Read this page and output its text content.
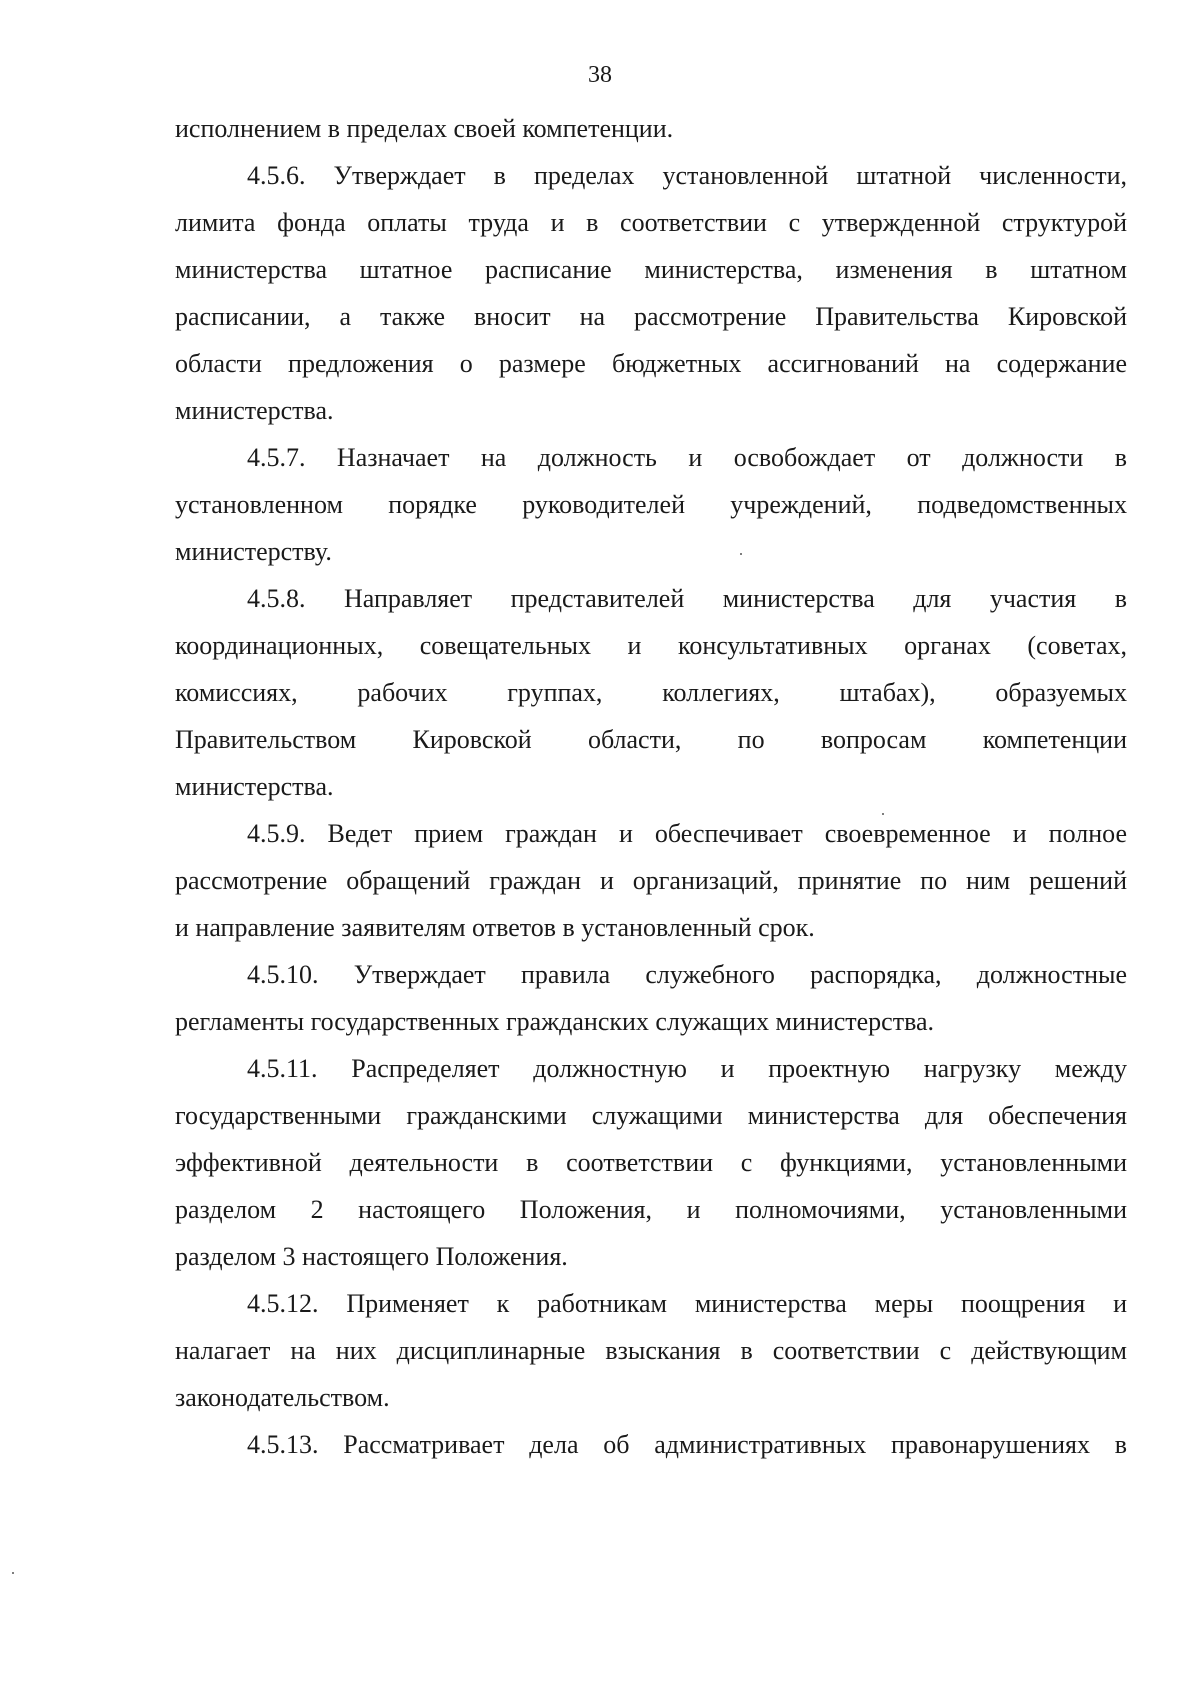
38

исполнением в пределах своей компетенции.

4.5.6. Утверждает в пределах установленной штатной численности,
лимита фонда оплаты труда и в соответствии с утвержденной структурой
министерства штатное расписание министерства, изменения в штатном
расписании, а также вносит на рассмотрение Правительства Кировской
области предложения о размере бюджетных ассигнований на содержание
министерства.

4.5.7. Назначает на должность и освобождает от должности в
установленном порядке руководителей учреждений, подведомственных
министерству.

4.5.8. Направляет представителей министерства для участия в
координационных, совещательных и консультативных органах (советах,
комиссиях, рабочих группах, коллегиях, штабах), образуемых
Правительством Кировской области, по вопросам компетенции
министерства.

4.5.9. Ведет прием граждан и обеспечивает своевременное и полное
рассмотрение обращений граждан и организаций, принятие по ним решений
и направление заявителям ответов в установленный срок.

4.5.10. Утверждает правила служебного распорядка, должностные
регламенты государственных гражданских служащих министерства.

4.5.11. Распределяет должностную и проектную нагрузку между
государственными гражданскими служащими министерства для обеспечения
эффективной деятельности в соответствии с функциями, установленными
разделом 2 настоящего Положения, и полномочиями, установленными
разделом 3 настоящего Положения.

4.5.12. Применяет к работникам министерства меры поощрения и
налагает на них дисциплинарные взыскания в соответствии с действующим
законодательством.

4.5.13. Рассматривает дела об административных правонарушениях в
